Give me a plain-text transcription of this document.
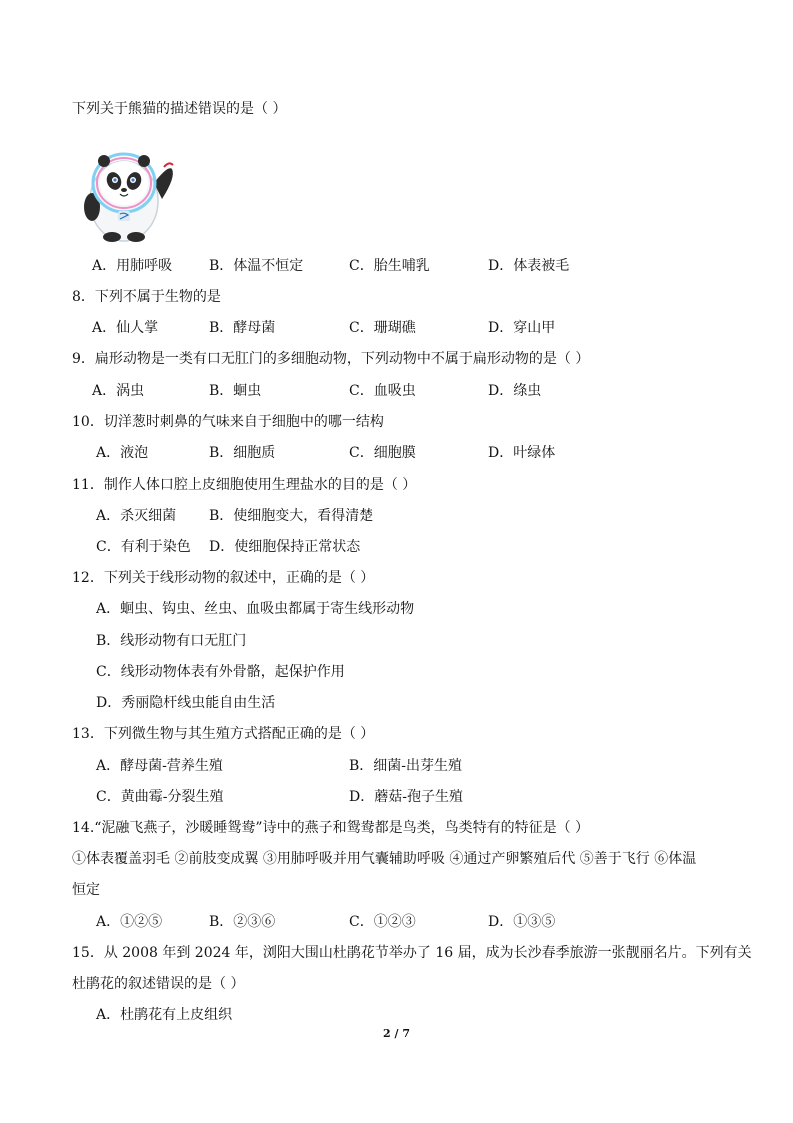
下列关于熊猫的描述错误的是（ ）
A．用肺呼吸	B．体温不恒定	C．胎生哺乳	D．体表被毛
8．下列不属于生物的是
A．仙人掌	B．酵母菌	C．珊瑚礁	D．穿山甲
9．扁形动物是一类有口无肛门的多细胞动物，下列动物中不属于扁形动物的是（ ）
A．涡虫	B．蛔虫	C．血吸虫	D．绦虫
10．切洋葱时刺鼻的气味来自于细胞中的哪一结构
A．液泡	B．细胞质	C．细胞膜	D．叶绿体
11．制作人体口腔上皮细胞使用生理盐水的目的是（ ）
A．杀灭细菌 B．使细胞变大，看得清楚
C．有利于染色 D．使细胞保持正常状态
12．下列关于线形动物的叙述中，正确的是（ ）
A．蛔虫、钩虫、丝虫、血吸虫都属于寄生线形动物
B．线形动物有口无肛门
C．线形动物体表有外骨骼，起保护作用
D．秀丽隐杆线虫能自由生活
13．下列微生物与其生殖方式搭配正确的是（ ）
A．酵母菌-营养生殖	B．细菌-出芽生殖
C．黄曲霉-分裂生殖	D．蘑菇-孢子生殖
14.“泥融飞燕子，沙暖睡鸳鸯”诗中的燕子和鸳鸯都是鸟类，鸟类特有的特征是（ ）
①体表覆盖羽毛 ②前肢变成翼 ③用肺呼吸并用气囊辅助呼吸 ④通过产卵繁殖后代 ⑤善于飞行 ⑥体温
恒定
A．①②⑤	B．②③⑥	C．①②③	D．①③⑤
15．从 2008 年到 2024 年，浏阳大围山杜鹃花节举办了 16 届，成为长沙春季旅游一张靓丽名片。下列有关
杜鹃花的叙述错误的是（ ）
A．杜鹃花有上皮组织
2 / 7
